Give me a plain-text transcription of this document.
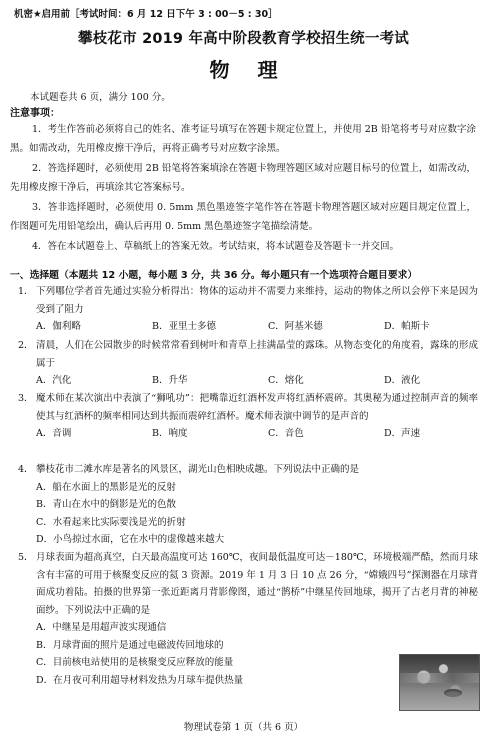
机密★启用前［考试时间：6 月 12 日下午 3 : 00－5 : 30］
攀枝花市 2019 年高中阶段教育学校招生统一考试
物理
本试题卷共 6 页，满分 100 分。
注意事项：
1．考生作答前必须将自己的姓名、准考证号填写在答题卡规定位置上，并使用 2B 铅笔将考号对应数字涂黑。如需改动，先用橡皮擦干净后，再将正确考号对应数字涂黑。
2．答选择题时，必须使用 2B 铅笔将答案填涂在答题卡物理答题区域对应题目标号的位置上，如需改动，先用橡皮擦干净后，再填涂其它答案标号。
3．答非选择题时，必须使用 0. 5mm 黑色墨迹签字笔作答在答题卡物理答题区域对应题目规定位置上，作图题可先用铅笔绘出，确认后再用 0. 5mm 黑色墨迹签字笔描绘清楚。
4．答在本试题卷上、草稿纸上的答案无效。考试结束，将本试题卷及答题卡一并交回。
一、选择题（本题共 12 小题，每小题 3 分，共 36 分。每小题只有一个选项符合题目要求）
1． 下列哪位学者首先通过实验分析得出：物体的运动并不需要力来维持，运动的物体之所以会停下来是因为受到了阻力
A．伽利略	B．亚里士多德	C．阿基米德	D．帕斯卡
2． 清晨，人们在公园散步的时候常常看到树叶和青草上挂满晶莹的露珠。从物态变化的角度看，露珠的形成属于
A．汽化	B．升华	C．熔化	D．液化
3． 魔术师在某次演出中表演了“狮吼功”：把嘴靠近红酒杯发声将红酒杯震碎。其奥秘为通过控制声音的频率使其与红酒杯的频率相同达到共振而震碎红酒杯。魔术师表演中调节的是声音的
A．音调	B．响度	C．音色	D．声速
4． 攀枝花市二滩水库是著名的风景区，湖光山色相映成趣。下列说法中正确的是
A．船在水面上的黑影是光的反射
B．青山在水中的倒影是光的色散
C．水看起来比实际要浅是光的折射
D．小鸟掠过水面，它在水中的虚像越来越大
5． 月球表面为超高真空，白天最高温度可达 160℃，夜间最低温度可达－180℃，环境极端严酷，然而月球含有丰富的可用于核聚变反应的氦 3 资源。2019 年 1 月 3 日 10 点 26 分，“嫦娥四号”探测器在月球背面成功着陆。拍摄的世界第一张近距离月背影像图，通过“鹊桥”中继星传回地球，揭开了古老月背的神秘面纱。下列说法中正确的是
A．中继星是用超声波实现通信
B．月球背面的照片是通过电磁波传回地球的
C．目前核电站使用的是核聚变反应释放的能量
D．在月夜可利用超导材料发热为月球车提供热量
物理试卷第 1 页（共 6 页）
